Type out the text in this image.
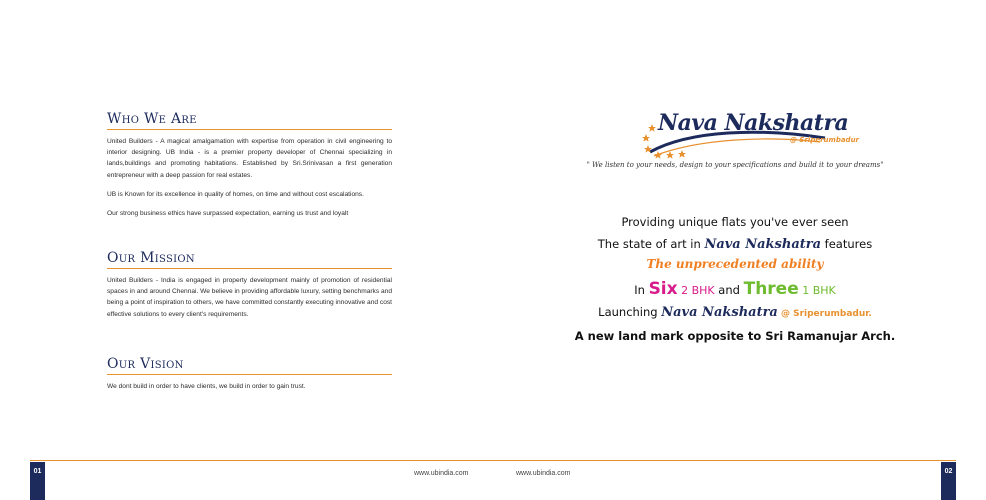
Who We Are

United Builders - A magical amalgamation with expertise from operation in civil engineering to interior designing. UB India - is a premier property developer of Chennai specializing in lands,buildings and promoting habitations. Established by Sri.Srinivasan a first generation entrepreneur with a deep passion for real estates.

UB is Known for its excellence in quality of homes, on time and without cost escalations.

Our strong business ethics have surpassed expectation, earning us trust and loyalt

Our Mission

United Builders - India is engaged in property development mainly of promotion of residential spaces in and around Chennai. We believe in providing affordable luxury, setting benchmarks and being a point of inspiration to others, we have committed constantly executing innovative and cost effective solutions to every client's requirements.

Our Vision

We dont build in order to have clients, we build in order to gain trust.

01	www.ubindia.com
Nava Nakshatra
@ Sriperumbadur
" We listen to your needs, design to your specifications and build it to your dreams"
Providing unique flats you've ever seen
The state of art in Nava Nakshatra features
The unprecedented ability
In Six 2 BHK and Three 1 BHK
Launching Nava Nakshatra @ Sriperumbadur.
A new land mark opposite to Sri Ramanujar Arch.
www.ubindia.com	02
